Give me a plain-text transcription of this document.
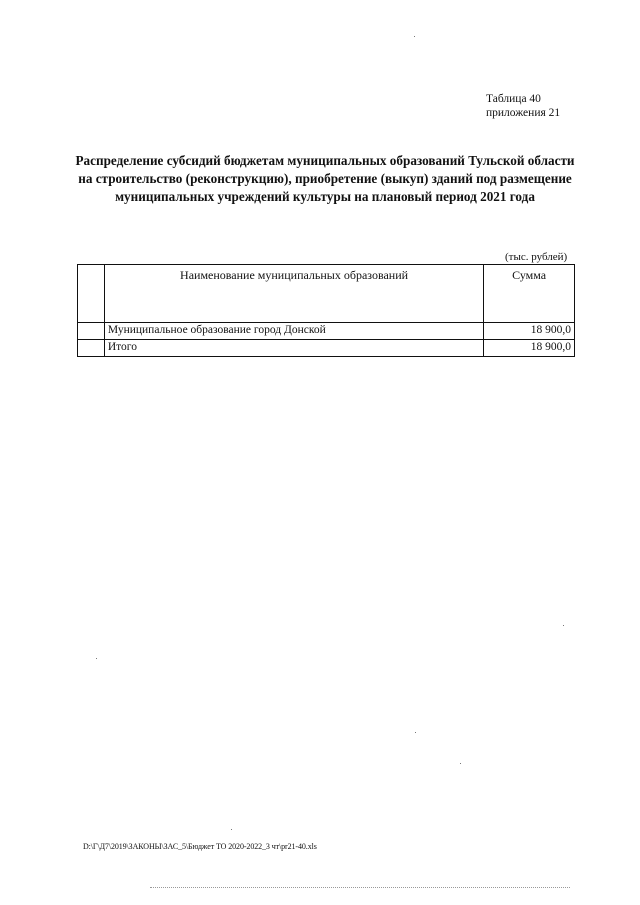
Таблица 40
приложения 21
Распределение субсидий бюджетам муниципальных образований Тульской области на строительство (реконструкцию), приобретение (выкуп) зданий под размещение муниципальных учреждений культуры на плановый период 2021 года
(тыс. рублей)
	Наименование муниципальных образований	Сумма
	Муниципальное образование город Донской	18 900,0
	Итого	18 900,0
D:\Г\Д7\2019\ЗАКОНЫ\ЗАС_5\Бюджет ТО 2020-2022_3 чт\pr21-40.xls
